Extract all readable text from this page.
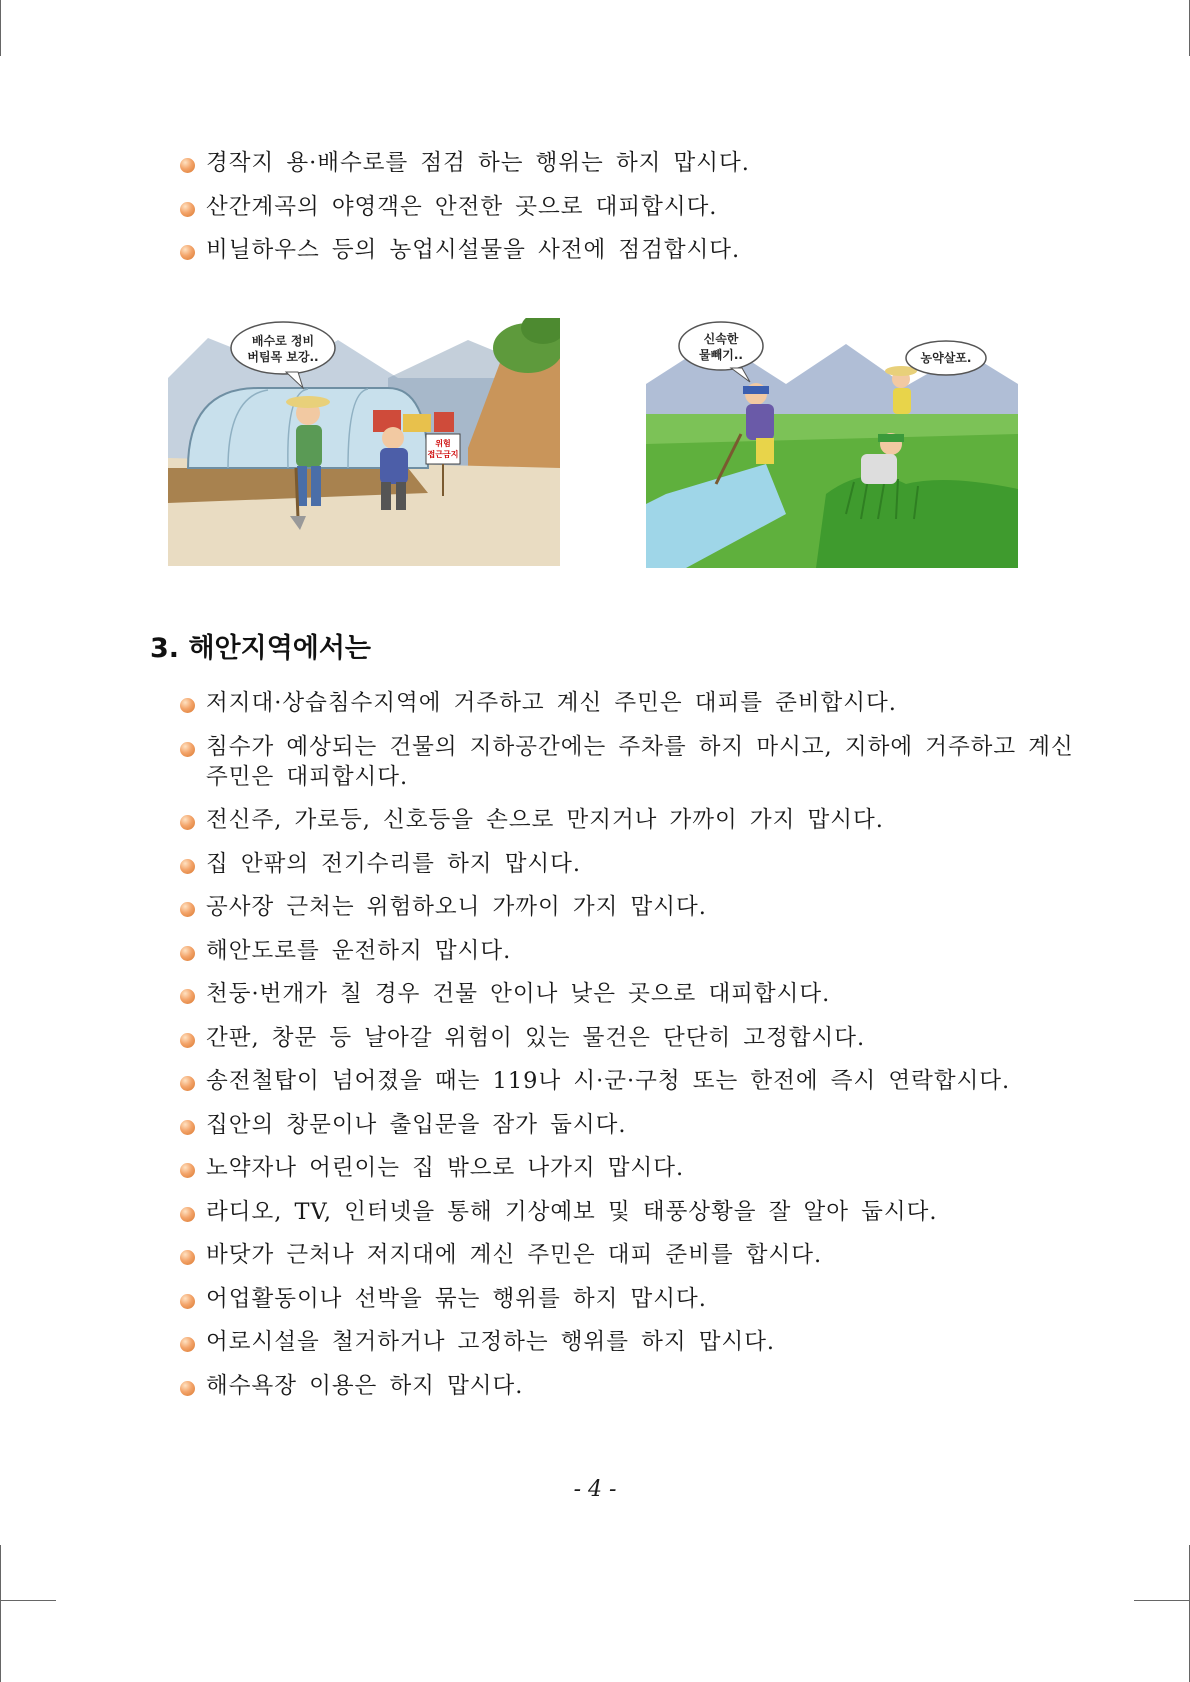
경작지 용·배수로를 점검 하는 행위는 하지 맙시다.
산간계곡의 야영객은 안전한 곳으로 대피합시다.
비닐하우스 등의 농업시설물을 사전에 점검합시다.
위험
접근금지
배수로 정비
버팀목 보강..
신속한
물빼기..	농약살포.
3. 해안지역에서는
저지대·상습침수지역에 거주하고 계신 주민은 대피를 준비합시다.
침수가 예상되는 건물의 지하공간에는 주차를 하지 마시고, 지하에 거주하고 계신
주민은 대피합시다.
전신주, 가로등, 신호등을 손으로 만지거나 가까이 가지 맙시다.
집 안팎의 전기수리를 하지 맙시다.
공사장 근처는 위험하오니 가까이 가지 맙시다.
해안도로를 운전하지 맙시다.
천둥·번개가 칠 경우 건물 안이나 낮은 곳으로 대피합시다.
간판, 창문 등 날아갈 위험이 있는 물건은 단단히 고정합시다.
송전철탑이 넘어졌을 때는 119나 시·군·구청 또는 한전에 즉시 연락합시다.
집안의 창문이나 출입문을 잠가 둡시다.
노약자나 어린이는 집 밖으로 나가지 맙시다.
라디오, TV, 인터넷을 통해 기상예보 및 태풍상황을 잘 알아 둡시다.
바닷가 근처나 저지대에 계신 주민은 대피 준비를 합시다.
어업활동이나 선박을 묶는 행위를 하지 맙시다.
어로시설을 철거하거나 고정하는 행위를 하지 맙시다.
해수욕장 이용은 하지 맙시다.
- 4 -
